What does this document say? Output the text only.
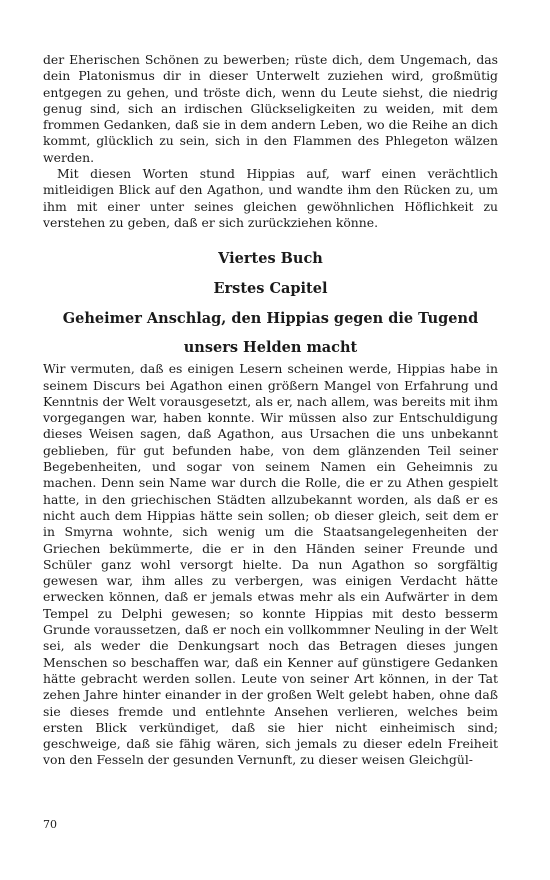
der Eherischen Schönen zu bewerben; rüste dich, dem Ungemach, das dein Platonismus dir in dieser Unterwelt zuziehen wird, großmütig entgegen zu gehen, und tröste dich, wenn du Leute siehst, die niedrig genug sind, sich an irdischen Glückseligkeiten zu weiden, mit dem frommen Gedanken, daß sie in dem andern Leben, wo die Reihe an dich kommt, glücklich zu sein, sich in den Flammen des Phlegeton wälzen werden.

Mit diesen Worten stund Hippias auf, warf einen verächtlich mitleidigen Blick auf den Agathon, und wandte ihm den Rücken zu, um ihm mit einer unter seines gleichen gewöhnlichen Höflichkeit zu verstehen zu geben, daß er sich zurückziehen könne.

Viertes Buch
Erstes Capitel
Geheimer Anschlag, den Hippias gegen die Tugend
unsers Helden macht

Wir vermuten, daß es einigen Lesern scheinen werde, Hippias habe in seinem Discurs bei Agathon einen größern Mangel von Erfahrung und Kenntnis der Welt vorausgesetzt, als er, nach allem, was bereits mit ihm vorgegangen war, haben konnte. Wir müssen also zur Entschuldigung dieses Weisen sagen, daß Agathon, aus Ursachen die uns unbekannt geblieben, für gut befunden habe, von dem glänzenden Teil seiner Begebenheiten, und sogar von seinem Namen ein Geheimnis zu machen. Denn sein Name war durch die Rolle, die er zu Athen gespielt hatte, in den griechischen Städten allzubekannt worden, als daß er es nicht auch dem Hippias hätte sein sollen; ob dieser gleich, seit dem er in Smyrna wohnte, sich wenig um die Staatsangelegenheiten der Griechen bekümmerte, die er in den Händen seiner Freunde und Schüler ganz wohl versorgt hielte. Da nun Agathon so sorgfältig gewesen war, ihm alles zu verbergen, was einigen Verdacht hätte erwecken können, daß er jemals etwas mehr als ein Aufwärter in dem Tempel zu Delphi gewesen; so konnte Hippias mit desto besserm Grunde voraussetzen, daß er noch ein vollkommner Neuling in der Welt sei, als weder die Denkungsart noch das Betragen dieses jungen Menschen so beschaffen war, daß ein Kenner auf günstigere Gedanken hätte gebracht werden sollen. Leute von seiner Art können, in der Tat zehen Jahre hinter einander in der großen Welt gelebt haben, ohne daß sie dieses fremde und entlehnte Ansehen verlieren, welches beim ersten Blick verkündiget, daß sie hier nicht einheimisch sind; geschweige, daß sie fähig wären, sich jemals zu dieser edeln Freiheit von den Fesseln der gesunden Vernunft, zu dieser weisen Gleichgül-

70
